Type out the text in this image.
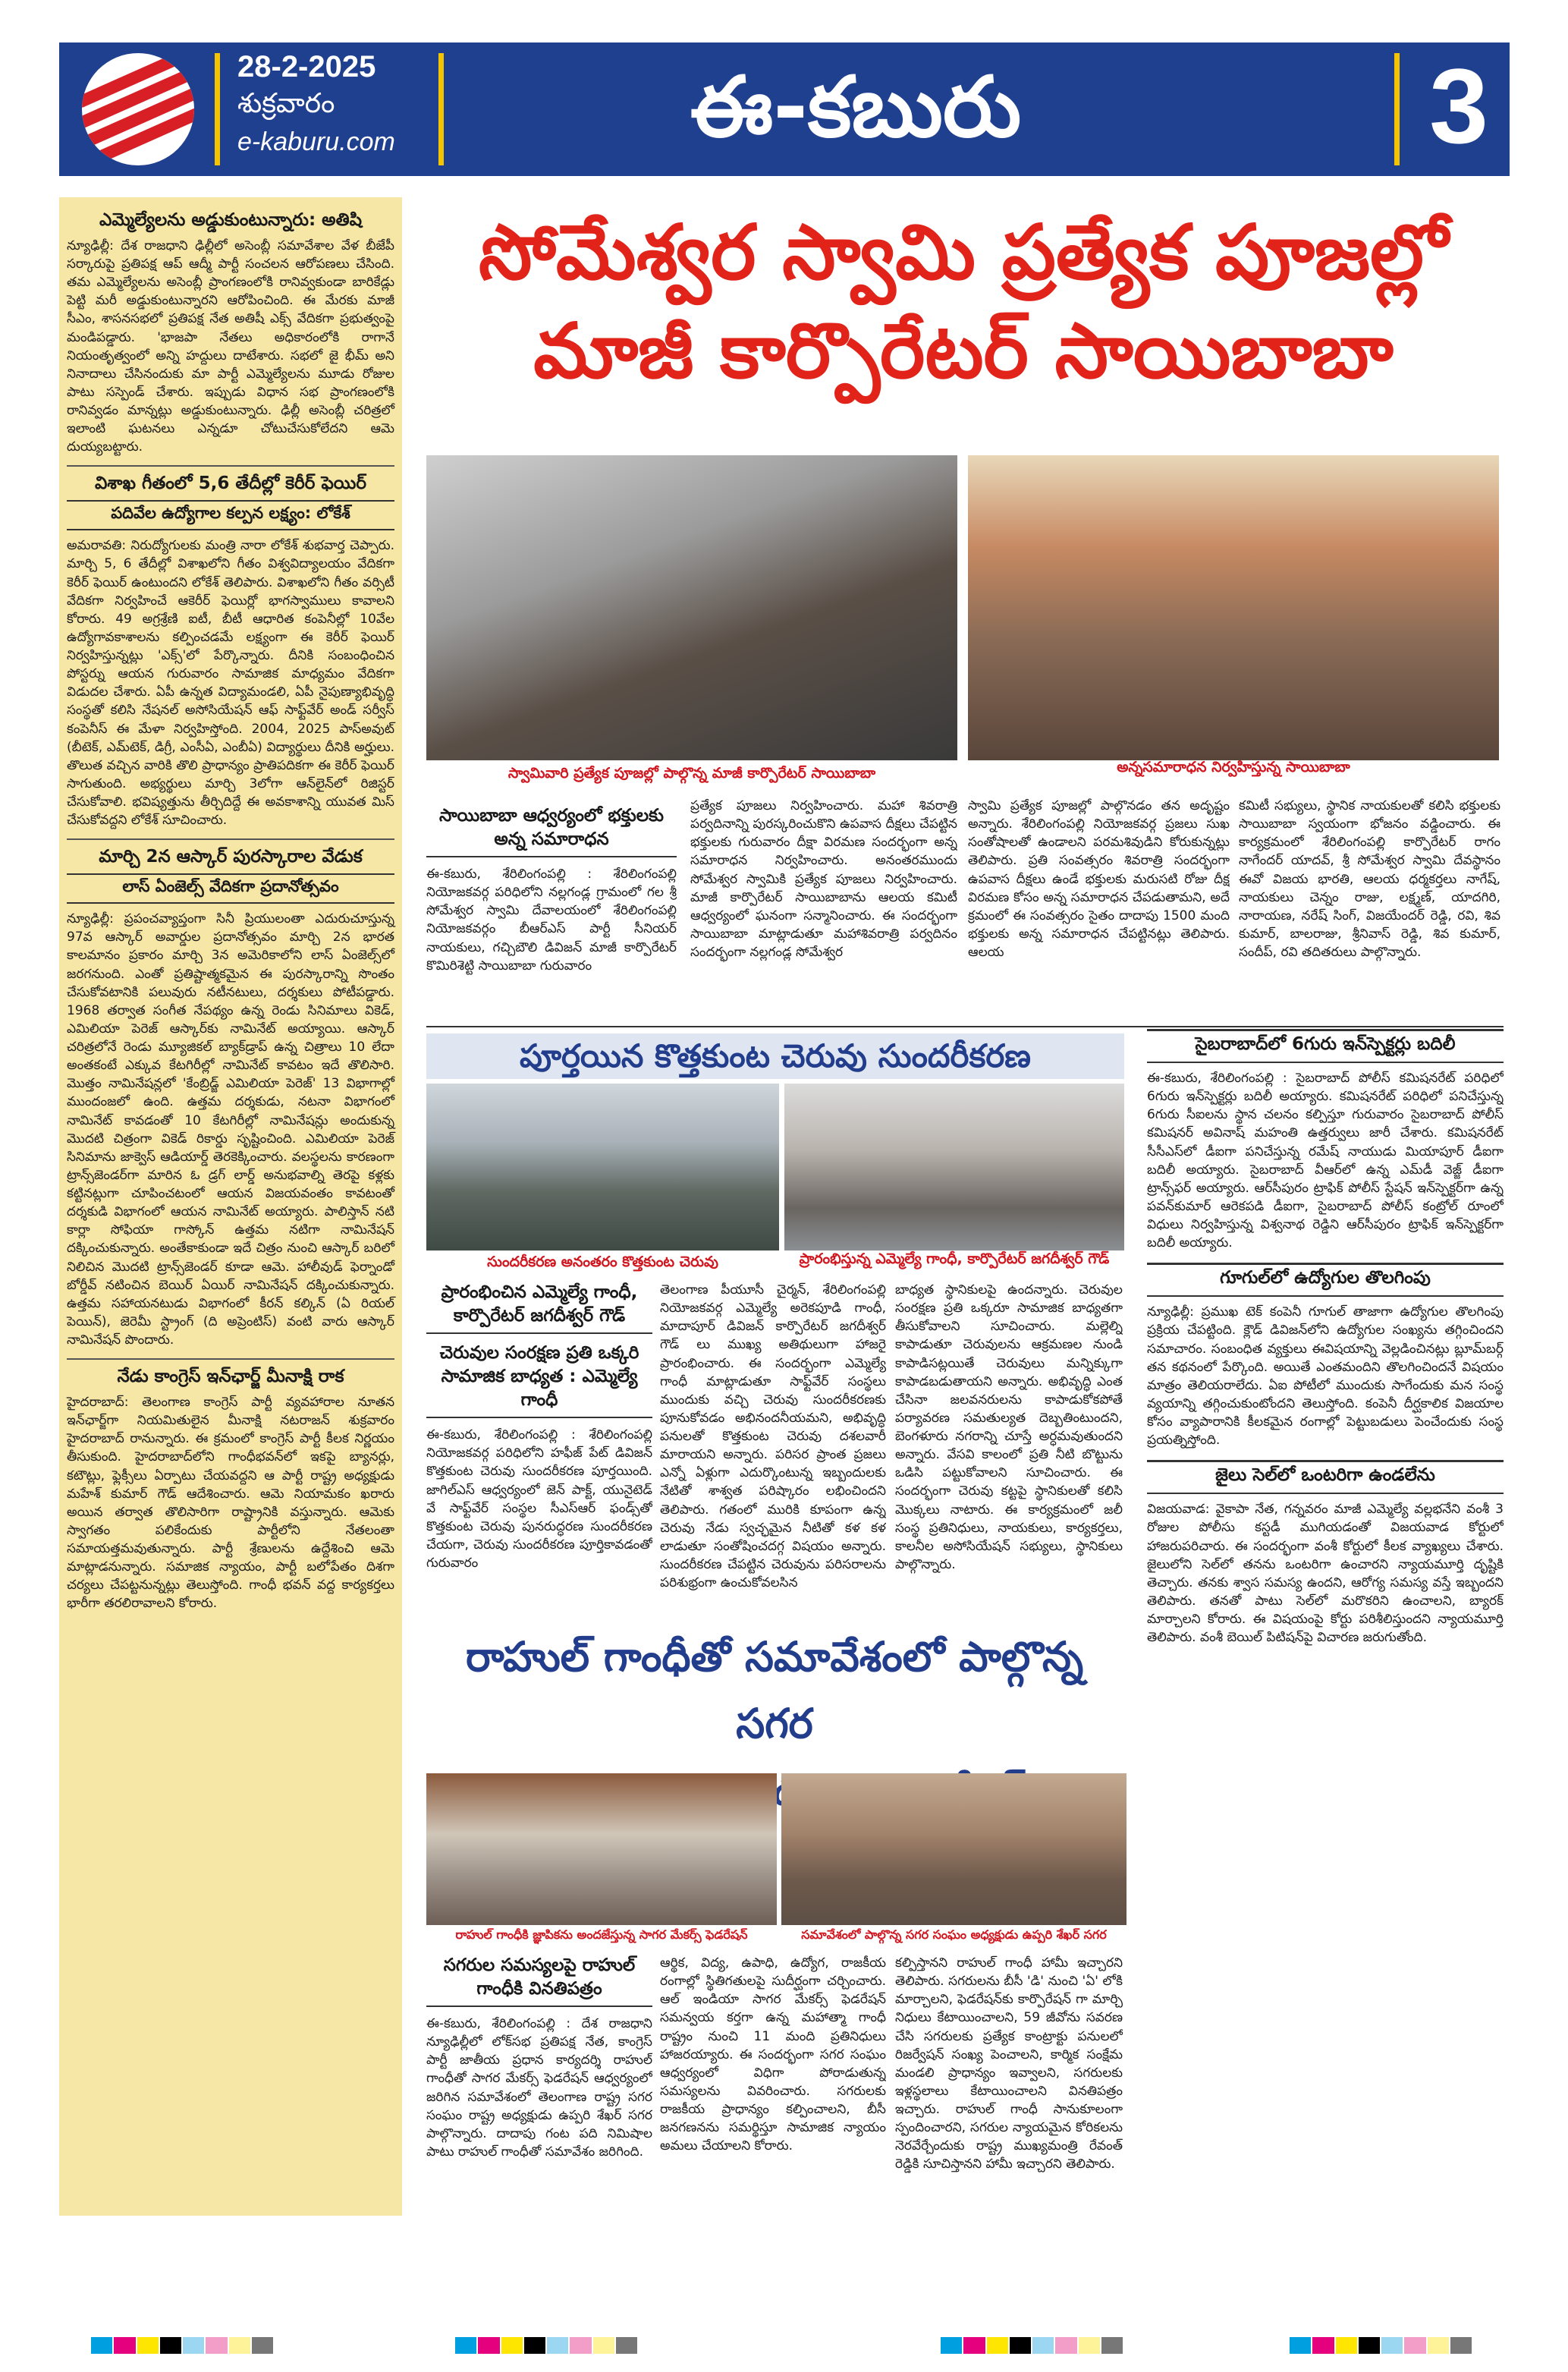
28-2-2025
శుక్రవారం
e-kaburu.com	ఈ-కబురు	3
ఎమ్మెల్యేలను అడ్డుకుంటున్నారు: అతిషి
న్యూఢిల్లీ: దేశ రాజధాని ఢిల్లీలో అసెంబ్లీ సమావేశాల వేళ బీజేపీ సర్కారుపై ప్రతిపక్ష ఆప్ ఆద్మీ పార్టీ సంచలన ఆరోపణలు చేసింది. తమ ఎమ్మెల్యేలను అసెంబ్లీ ప్రాంగణంలోకి రానివ్వకుండా బారికేడ్లు పెట్టి మరీ అడ్డుకుంటున్నారని ఆరోపించింది. ఈ మేరకు మాజీ సీఎం, శాసనసభలో ప్రతిపక్ష నేత అతిషీ ఎక్స్ వేదికగా ప్రభుత్వంపై మండిపడ్డారు. 'భాజపా నేతలు అధికారంలోకి రాగానే నియంతృత్వంలో అన్ని హద్దులు దాటేశారు. సభలో జై భీమ్ అని నినాదాలు చేసినందుకు మా పార్టీ ఎమ్మెల్యేలను మూడు రోజుల పాటు సస్పెండ్ చేశారు. ఇప్పుడు విధాన సభ ప్రాంగణంలోకి రానివ్వడం మాన్నట్లు అడ్డుకుంటున్నారు. ఢిల్లీ అసెంబ్లీ చరిత్రలో ఇలాంటి ఘటనలు ఎన్నడూ చోటుచేసుకోలేదని ఆమె దుయ్యబట్టారు.
విశాఖ గీతంలో 5,6 తేదీల్లో కెరీర్ ఫెయిర్
పదివేల ఉద్యోగాల కల్పన లక్ష్యం: లోకేశ్
అమరావతి: నిరుద్యోగులకు మంత్రి నారా లోకేశ్ శుభవార్త చెప్పారు. మార్చి 5, 6 తేదీల్లో విశాఖలోని గీతం విశ్వవిద్యాలయం వేదికగా కెరీర్ ఫెయిర్ ఉంటుందని లోకేశ్ తెలిపారు. విశాఖలోని గీతం వర్సిటీ వేదికగా నిర్వహించే ఆకెరీర్ ఫెయిర్లో భాగస్వాములు కావాలని కోరారు. 49 అగ్రశ్రేణి ఐటీ, బీటీ ఆధారిత కంపెనీల్లో 10వేల ఉద్యోగావకాశాలను కల్పించడమే లక్ష్యంగా ఈ కెరీర్ ఫెయిర్ నిర్వహిస్తున్నట్లు 'ఎక్స్'లో పేర్కొన్నారు. దీనికి సంబంధించిన పోస్టర్ను ఆయన గురువారం సామాజిక మాధ్యమం వేదికగా విడుదల చేశారు. ఏపీ ఉన్నత విద్యామండలి, ఏపీ నైపుణ్యాభివృద్ధి సంస్థతో కలిసి నేషనల్ అసోసియేషన్ ఆఫ్ సాఫ్ట్‌వేర్ అండ్ సర్వీస్ కంపెనీస్ ఈ మేళా నిర్వహిస్తోంది. 2004, 2025 పాస్‌అవుట్ (బీటెక్, ఎమ్‌టెక్, డిగ్రీ, ఎంసీఏ, ఎంబీఏ) విద్యార్థులు దీనికి అర్హులు. తొలుత వచ్చిన వారికి తొలి ప్రాధాన్యం ప్రాతిపదికగా ఈ కెరీర్ ఫెయిర్ సాగుతుంది. అభ్యర్థులు మార్చి 3లోగా ఆన్‌లైన్‌లో రిజిస్టర్ చేసుకోవాలి. భవిష్యత్తును తీర్చిదిద్దే ఈ అవకాశాన్ని యువత మిస్ చేసుకోవద్దని లోకేశ్ సూచించారు.
మార్చి 2న ఆస్కార్ పురస్కారాల వేడుక
లాస్ ఏంజెల్స్ వేదికగా ప్రదానోత్సవం
న్యూఢిల్లీ: ప్రపంచవ్యాప్తంగా సినీ ప్రియులంతా ఎదురుచూస్తున్న 97వ ఆస్కార్ అవార్డుల ప్రదానోత్సవం మార్చి 2న భారత కాలమానం ప్రకారం మార్చి 3న అమెరికాలోని లాస్ ఏంజెల్స్‌లో జరగనుంది. ఎంతో ప్రతిష్టాత్మకమైన ఈ పురస్కారాన్ని సొంతం చేసుకోవటానికి పలువురు నటీనటులు, దర్శకులు పోటీపడ్డారు. 1968 తర్వాత సంగీత నేపథ్యం ఉన్న రెండు సినిమాలు వికెడ్, ఎమిలియా పెరెజ్ ఆస్కార్‌కు నామినేట్ అయ్యాయి. ఆస్కార్ చరిత్రలోనే రెండు మ్యూజికల్ బ్యాక్‌డ్రాప్ ఉన్న చిత్రాలు 10 లేదా అంతకంటే ఎక్కువ కేటగిరీల్లో నామినేట్ కావటం ఇదే తొలిసారి. మొత్తం నామినేషన్లలో 'కేంబ్రిడ్జ్ ఎమిలియా పెరెజ్' 13 విభాగాల్లో ముందంజలో ఉంది. ఉత్తమ దర్శకుడు, నటనా విభాగంలో నామినేట్ కావడంతో 10 కేటగిరీల్లో నామినేషన్లు అందుకున్న మొదటి చిత్రంగా వికెడ్ రికార్డు సృష్టించింది. ఎమిలియా పెరెజ్ సినిమాను జాక్వెస్ ఆడియార్డ్ తెరకెక్కించారు. వలస్థలను కారణంగా ట్రాన్స్‌జెండర్‌గా మారిన ఓ డ్రగ్ లార్డ్ అనుభవాల్ని తెరపై కళ్లకు కట్టినట్లుగా చూపించటంలో ఆయన విజయవంతం కావటంతో దర్శకుడి విభాగంలో ఆయన నామినేట్ అయ్యారు. పాలిస్తాన్ నటి కార్లా సోఫియా గాస్కోన్ ఉత్తమ నటిగా నామినేషన్ దక్కించుకున్నారు. అంతేకాకుండా ఇదే చిత్రం నుంచి ఆస్కార్ బరిలో నిలిచిన మొదటి ట్రాన్స్‌జెండర్ కూడా ఆమె. హాలీవుడ్ ఫెర్నాండో బోర్డీవ్ నటించిన బెయిర్ ఏయిర్ నామినేషన్ దక్కించుకున్నారు. ఉత్తమ సహాయనటుడు విభాగంలో కీరన్ కల్కిన్ (ఏ రియల్ పెయిన్), జెరెమీ స్ట్రాంగ్ (ది అప్రెంటిస్) వంటి వారు ఆస్కార్ నామినేషన్ పొందారు.
నేడు కాంగ్రెస్ ఇన్‌ఛార్జ్ మీనాక్షి రాక
హైదరాబాద్: తెలంగాణ కాంగ్రెస్ పార్టీ వ్యవహారాల నూతన ఇన్‌ఛార్జ్‌గా నియమితులైన మీనాక్షి నటరాజన్ శుక్రవారం హైదరాబాద్ రానున్నారు. ఈ క్రమంలో కాంగ్రెస్ పార్టీ కీలక నిర్ణయం తీసుకుంది. హైదరాబాద్‌లోని గాంధీభవన్‌లో ఇకపై బ్యానర్లు, కటౌట్లు, ఫ్లెక్సీలు ఏర్పాటు చేయవద్దని ఆ పార్టీ రాష్ట్ర అధ్యక్షుడు మహేశ్ కుమార్ గౌడ్ ఆదేశించారు. ఆమె నియామకం ఖరారు అయిన తర్వాత తొలిసారిగా రాష్ట్రానికి వస్తున్నారు. ఆమెకు స్వాగతం పలికేందుకు పార్టీలోని నేతలంతా సమాయత్తమవుతున్నారు. పార్టీ శ్రేణులను ఉద్దేశించి ఆమె మాట్లాడనున్నారు. సమాజిక న్యాయం, పార్టీ బలోపేతం దిశగా చర్యలు చేపట్టనున్నట్లు తెలుస్తోంది. గాంధీ భవన్ వద్ద కార్యకర్తలు భారీగా తరలిరావాలని కోరారు.
సోమేశ్వర స్వామి ప్రత్యేక పూజల్లో
మాజీ కార్పొరేటర్ సాయిబాబా
స్వామివారి ప్రత్యేక పూజల్లో పాల్గొన్న మాజీ కార్పొరేటర్ సాయిబాబా	అన్నసమారాధన నిర్వహిస్తున్న సాయిబాబా
సాయిబాబా ఆధ్వర్యంలో భక్తులకు అన్న సమారాధన
ఈ-కబురు, శేరిలింగంపల్లి : శేరిలింగంపల్లి నియోజకవర్గ పరిధిలోని నల్లగండ్ల గ్రామంలో గల శ్రీ సోమేశ్వర స్వామి దేవాలయంలో శేరిలింగంపల్లి నియోజకవర్గం బీఆర్ఎస్ పార్టీ సీనియర్ నాయకులు, గచ్చిబౌలి డివిజన్ మాజీ కార్పొరేటర్ కొమిరిశెట్టి సాయిబాబా గురువారం
ప్రత్యేక పూజలు నిర్వహించారు. మహా శివరాత్రి పర్వదినాన్ని పురస్కరించుకొని ఉపవాస దీక్షలు చేపట్టిన భక్తులకు గురువారం దీక్షా విరమణ సందర్భంగా అన్న సమారాధన నిర్వహించారు. అనంతరముందు సోమేశ్వర స్వామికి ప్రత్యేక పూజలు నిర్వహించారు. మాజీ కార్పొరేటర్ సాయిబాబాను ఆలయ కమిటీ ఆధ్వర్యంలో ఘనంగా సన్మానించారు. ఈ సందర్భంగా సాయిబాబా మాట్లాడుతూ మహాశివరాత్రి పర్వదినం సందర్భంగా నల్లగండ్ల సోమేశ్వర
స్వామి ప్రత్యేక పూజల్లో పాల్గొనడం తన అదృష్టం అన్నారు. శేరిలింగంపల్లి నియోజకవర్గ ప్రజలు సుఖ సంతోషాలతో ఉండాలని పరమశివుడిని కోరుకున్నట్లు తెలిపారు. ప్రతి సంవత్సరం శివరాత్రి సందర్భంగా ఉపవాస దీక్షలు ఉండే భక్తులకు మరుసటి రోజు దీక్ష విరమణ కోసం అన్న సమారాధన చేపడుతామని, అదే క్రమంలో ఈ సంవత్సరం సైతం దాదాపు 1500 మంది భక్తులకు అన్న సమారాధన చేపట్టినట్లు తెలిపారు. ఆలయ
కమిటీ సభ్యులు, స్థానిక నాయకులతో కలిసి భక్తులకు సాయిబాబా స్వయంగా భోజనం వడ్డించారు. ఈ కార్యక్రమంలో శేరిలింగంపల్లి కార్పొరేటర్ రాగం నాగేందర్ యాదవ్, శ్రీ సోమేశ్వర స్వామి దేవస్థానం ఈవో విజయ భారతి, ఆలయ ధర్మకర్తలు నాగేష్, నాయకులు చెన్నం రాజు, లక్ష్మణ్, యాదగిరి, నారాయణ, నరేష్ సింగ్, విజయేందర్ రెడ్డి, రవి, శివ కుమార్, బాలరాజు, శ్రీనివాస్ రెడ్డి, శివ కుమార్, సందీప్, రవి తదితరులు పాల్గొన్నారు.
పూర్తయిన కొత్తకుంట చెరువు సుందరీకరణ
సుందరీకరణ అనంతరం కొత్తకుంట చెరువు	ప్రారంభిస్తున్న ఎమ్మెల్యే గాంధీ, కార్పొరేటర్ జగదీశ్వర్ గౌడ్
ప్రారంభించిన ఎమ్మెల్యే గాంధీ, కార్పొరేటర్ జగదీశ్వర్ గౌడ్
చెరువుల సంరక్షణ ప్రతి ఒక్కరి సామాజిక బాధ్యత : ఎమ్మెల్యే గాంధీ
ఈ-కబురు, శేరిలింగంపల్లి : శేరిలింగంపల్లి నియోజకవర్గ పరిధిలోని హఫీజ్ పేట్ డివిజన్ కొత్తకుంట చెరువు సుందరీకరణ పూర్తయింది. జాగిల్ఎస్ ఆధ్వర్యంలో జెన్ పాక్ట్, యునైటెడ్ వే సాఫ్ట్‌వేర్ సంస్థల సీఎస్ఆర్ ఫండ్స్‌తో కొత్తకుంట చెరువు పునరుద్ధరణ సుందరీకరణ చేయగా, చెరువు సుందరీకరణ పూర్తికావడంతో గురువారం
తెలంగాణ పీయూసీ చైర్మన్, శేరిలింగంపల్లి నియోజకవర్గ ఎమ్మెల్యే అరెకపూడి గాంధీ, మాదాపూర్ డివిజన్ కార్పొరేటర్ జగదీశ్వర్ గౌడ్ లు ముఖ్య అతిథులుగా హాజరై ప్రారంభించారు. ఈ సందర్భంగా ఎమ్మెల్యే గాంధీ మాట్లాడుతూ సాఫ్ట్‌వేర్ సంస్థలు ముందుకు వచ్చి చెరువు సుందరీకరణకు పూనుకోవడం అభినందనీయమని, అభివృద్ధి పనులతో కొత్తకుంట చెరువు దశలవారీ మారాయని అన్నారు. పరిసర ప్రాంత ప్రజలు ఎన్నో ఏళ్లుగా ఎదుర్కొంటున్న ఇబ్బందులకు నేటితో శాశ్వత పరిష్కారం లభించిందని తెలిపారు. గతంలో మురికి కూపంగా ఉన్న చెరువు నేడు స్వచ్ఛమైన నీటితో కళ కళ లాడుతూ సంతోషించదగ్గ విషయం అన్నారు. సుందరీకరణ చేపట్టిన చెరువును పరిసరాలను పరిశుభ్రంగా ఉంచుకోవలసిన
బాధ్యత స్థానికులపై ఉందన్నారు. చెరువుల సంరక్షణ ప్రతి ఒక్కరూ సామాజిక బాధ్యతగా తీసుకోవాలని సూచించారు. మల్లెల్ని కాపాడుతూ చెరువులను ఆక్రమణల నుండి కాపాడిసట్లయితే చెరువులు మన్నిక్కుగా కాపాడబడుతాయని అన్నారు. అభివృద్ధి ఎంత చేసినా జలవనరులను కాపాడుకోకపోతే పర్యావరణ సమతుల్యత దెబ్బతింటుందని, బెంగళూరు నగరాన్ని చూస్తే అర్ధమవుతుందని అన్నారు. వేసవి కాలంలో ప్రతి నీటి బొట్టును ఒడిసి పట్టుకోవాలని సూచించారు. ఈ సందర్భంగా చెరువు కట్టపై స్థానికులతో కలిసి మొక్కలు నాటారు. ఈ కార్యక్రమంలో జలీ సంస్థ ప్రతినిధులు, నాయకులు, కార్యకర్తలు, కాలనీల అసోసియేషన్ సభ్యులు, స్థానికులు పాల్గొన్నారు.
సైబరాబాద్‌లో 6గురు ఇన్‌స్పెక్టర్లు బదిలీ
ఈ-కబురు, శేరిలింగంపల్లి : సైబరాబాద్ పోలీస్ కమిషనరేట్ పరిధిలో 6గురు ఇన్‌స్పెక్టర్లు బదిలీ అయ్యారు. కమిషనరేట్ పరిధిలో పనిచేస్తున్న 6గురు సీఐలను స్థాన చలనం కల్పిస్తూ గురువారం సైబరాబాద్ పోలీస్ కమిషనర్ అవినాష్ మహంతి ఉత్తర్వులు జారీ చేశారు. కమిషనరేట్ సీసీఎస్‌లో డీఐగా పనిచేస్తున్న రమేష్ నాయుడు మియాపూర్ డీఐగా బదిలీ అయ్యారు. సైబరాబాద్ వీఆర్‌లో ఉన్న ఎమ్‌డీ వెజ్జ్ డీఐగా ట్రాన్స్‌ఫర్ అయ్యారు. ఆర్‌సీపురం ట్రాఫిక్ పోలీస్ స్టేషన్ ఇన్‌స్పెక్టర్‌గా ఉన్న పవన్‌కుమార్ ఆరెకపడి డీఐగా, సైబరాబాద్ పోలీస్ కంట్రోల్ రూంలో విధులు నిర్వహిస్తున్న విశ్వనాథ రెడ్డిని ఆర్‌సీపురం ట్రాఫిక్ ఇన్‌స్పెక్టర్‌గా బదిలీ అయ్యారు.
గూగుల్‌లో ఉద్యోగుల తొలగింపు
న్యూఢిల్లీ: ప్రముఖ టెక్ కంపెనీ గూగుల్ తాజాగా ఉద్యోగుల తొలగింపు ప్రక్రియ చేపట్టింది. క్లౌడ్ డివిజన్‌లోని ఉద్యోగుల సంఖ్యను తగ్గించిందని సమాచారం. సంబంధిత వ్యక్తులు ఈవిషయాన్ని వెల్లడించినట్లు బ్లూమ్‌బర్గ్ తన కథనంలో పేర్కొంది. అయితే ఎంతమందిని తొలగించిందనే విషయం మాత్రం తెలియరాలేదు. ఏఐ పోటీలో ముందుకు సాగేందుకు మన సంస్థ వ్యయాన్ని తగ్గించుకుంటోందని తెలుస్తోంది. కంపెనీ దీర్ఘకాలిక విజయాల కోసం వ్యాపారానికి కీలకమైన రంగాల్లో పెట్టుబడులు పెంచేందుకు సంస్థ ప్రయత్నిస్తోంది.
జైలు సెల్‌లో ఒంటరిగా ఉండలేను
విజయవాడ: వైకాపా నేత, గన్నవరం మాజీ ఎమ్మెల్యే వల్లభనేని వంశీ 3 రోజుల పోలీసు కస్టడీ ముగియడంతో విజయవాడ కోర్టులో హాజరుపరిచారు. ఈ సందర్భంగా వంశీ కోర్టులో కీలక వ్యాఖ్యలు చేశారు. జైలులోని సెల్‌లో తనను ఒంటరిగా ఉంచారని న్యాయమూర్తి దృష్టికి తెచ్చారు. తనకు శ్వాస సమస్య ఉందని, ఆరోగ్య సమస్య వస్తే ఇబ్బందని తెలిపారు. తనతో పాటు సెల్‌లో మరొకరిని ఉంచాలని, బ్యారక్ మార్చాలని కోరారు. ఈ విషయంపై కోర్టు పరిశీలిస్తుందని న్యాయమూర్తి తెలిపారు. వంశీ బెయిల్ పిటిషన్‌పై విచారణ జరుగుతోంది.
రాహుల్ గాంధీతో సమావేశంలో పాల్గొన్న సగర
రాహుల్ గాంధీకి జ్ఞాపికను అందజేస్తున్న సాగర మేకర్స్ ఫెడరేషన్	సమావేశంలో పాల్గొన్న సగర సంఘం అధ్యక్షుడు ఉప్పరి శేఖర్ సగర
సగరుల సమస్యలపై రాహుల్ గాంధీకి వినతిపత్రం
ఈ-కబురు, శేరిలింగంపల్లి : దేశ రాజధాని న్యూఢిల్లీలో లోక్‌సభ ప్రతిపక్ష నేత, కాంగ్రెస్ పార్టీ జాతీయ ప్రధాన కార్యదర్శి రాహుల్ గాంధీతో సాగర మేకర్స్ ఫెడరేషన్ ఆధ్వర్యంలో జరిగిన సమావేశంలో తెలంగాణ రాష్ట్ర సగర సంఘం రాష్ట్ర అధ్యక్షుడు ఉప్పరి శేఖర్ సగర పాల్గొన్నారు. దాదాపు గంట పది నిమిషాల పాటు రాహుల్ గాంధీతో సమావేశం జరిగింది.
ఆర్థిక, విద్య, ఉపాధి, ఉద్యోగ, రాజకీయ రంగాల్లో స్థితిగతులపై సుదీర్ఘంగా చర్చించారు. ఆల్ ఇండియా సాగర మేకర్స్ ఫెడరేషన్ సమన్వయ కర్తగా ఉన్న మహాత్మా గాంధీ రాష్ట్రం నుంచి 11 మంది ప్రతినిధులు హాజరయ్యారు. ఈ సందర్భంగా సగర సంఘం ఆధ్వర్యంలో విధిగా పోరాడుతున్న సమస్యలను వివరించారు. సగరులకు రాజకీయ ప్రాధాన్యం కల్పించాలని, బీసీ జనగణనను సమర్థిస్తూ సామాజిక న్యాయం అమలు చేయాలని కోరారు.
కల్పిస్తానని రాహుల్ గాంధీ హామీ ఇచ్చారని తెలిపారు. సగరులను బీసీ 'డి' నుంచి 'ఏ' లోకి మార్చాలని, ఫెడరేషన్‌కు కార్పొరేషన్ గా మార్చి నిధులు కేటాయించాలని, 59 జీవోను సవరణ చేసి సగరులకు ప్రత్యేక కాంట్రాక్టు పనులలో రిజర్వేషన్ సంఖ్య పెంచాలని, కార్మిక సంక్షేమ మండలి ప్రాధాన్యం ఇవ్వాలని, సగరులకు ఇళ్లస్థలాలు కేటాయించాలని వినతిపత్రం ఇచ్చారు. రాహుల్ గాంధీ సానుకూలంగా స్పందించారని, సగరుల న్యాయమైన కోరికలను నెరవేర్చేందుకు రాష్ట్ర ముఖ్యమంత్రి రేవంత్ రెడ్డికి సూచిస్తానని హామీ ఇచ్చారని తెలిపారు.
